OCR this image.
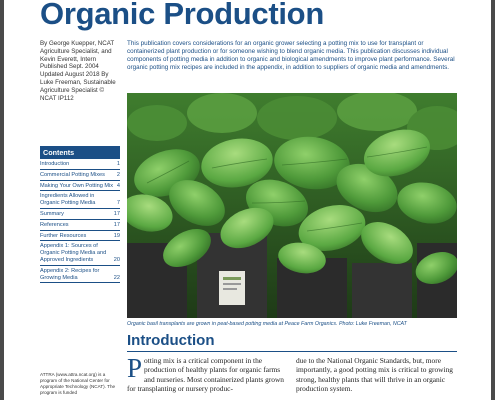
Organic Production
By George Kuepper, NCAT Agriculture Specialist, and Kevin Everett, Intern Published Sept. 2004 Updated August 2018 By Luke Freeman, Sustainable Agriculture Specialist © NCAT IP112
This publication covers considerations for an organic grower selecting a potting mix to use for transplant or containerized plant production or for someone wishing to blend organic media. This publication discusses individual components of potting media in addition to organic and biological amendments to improve plant performance. Several organic potting mix recipes are included in the appendix, in addition to suppliers of organic media and amendments.
Contents
Introduction	1
Commercial Potting Mixes	2
Making Your Own Potting Mix 4
Ingredients Allowed in Organic Potting Media	7
Summary	17
References	17
Further Resources	19
Appendix 1: Sources of Organic Potting Media and Approved Ingredients	20
Appendix 2: Recipes for Growing Media	22
ATTRA (www.attra.ncat.org) is a program of the National Center for Appropriate Technology (NCAT). The program is funded
Organic basil transplants are grown in peat-based potting media at Peace Farm Organics. Photo: Luke Freeman, NCAT
Introduction
Potting mix is a critical component in the production of healthy plants for organic farms and nurseries. Most containerized plants grown for transplanting or nursery produc-
due to the National Organic Standards, but, more importantly, a good potting mix is critical to growing strong, healthy plants that will thrive in an organic production system.
